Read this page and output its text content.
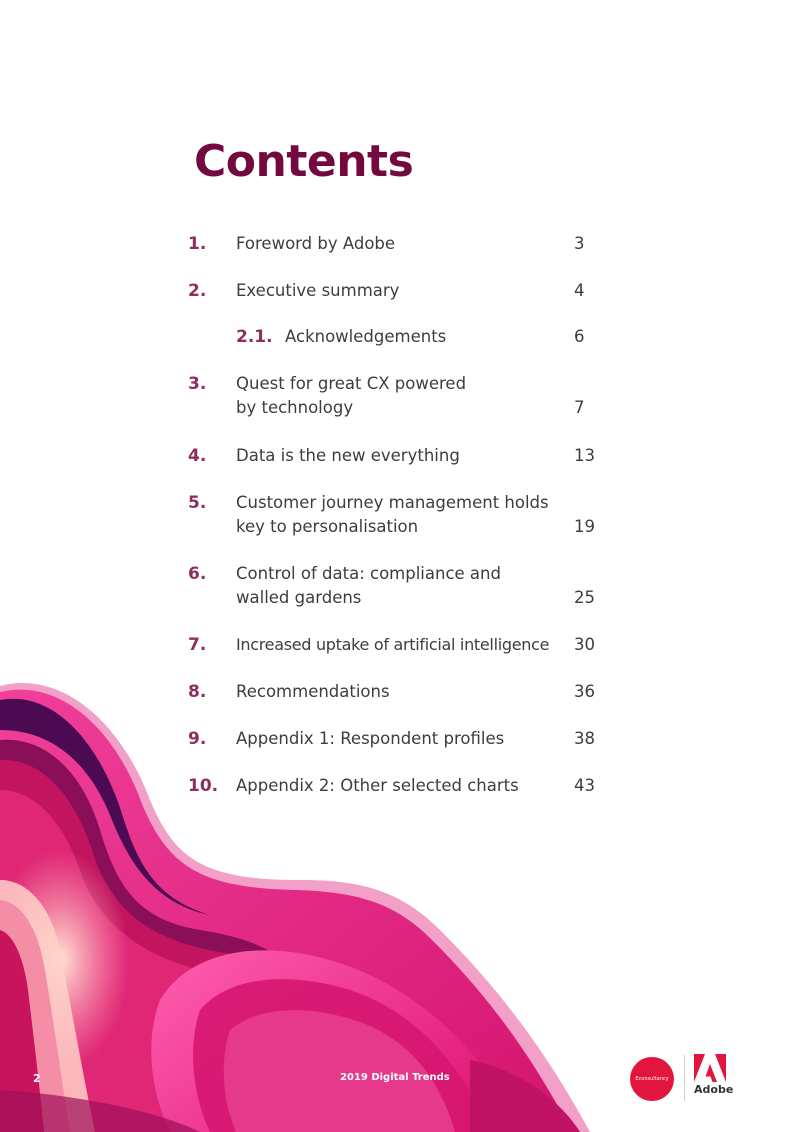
Contents
1. Foreword by Adobe	3
2. Executive summary	4
2.1. Acknowledgements	6
3. Quest for great CX powered
by technology	7
4. Data is the new everything	13
5. Customer journey management holds
key to personalisation	19
6. Control of data: compliance and
walled gardens	25
7. Increased uptake of artificial intelligence	30
8. Recommendations	36
9. Appendix 1: Respondent profiles	38
10. Appendix 2: Other selected charts	43
2	2019 Digital Trends	Econsultancy
Adobe
